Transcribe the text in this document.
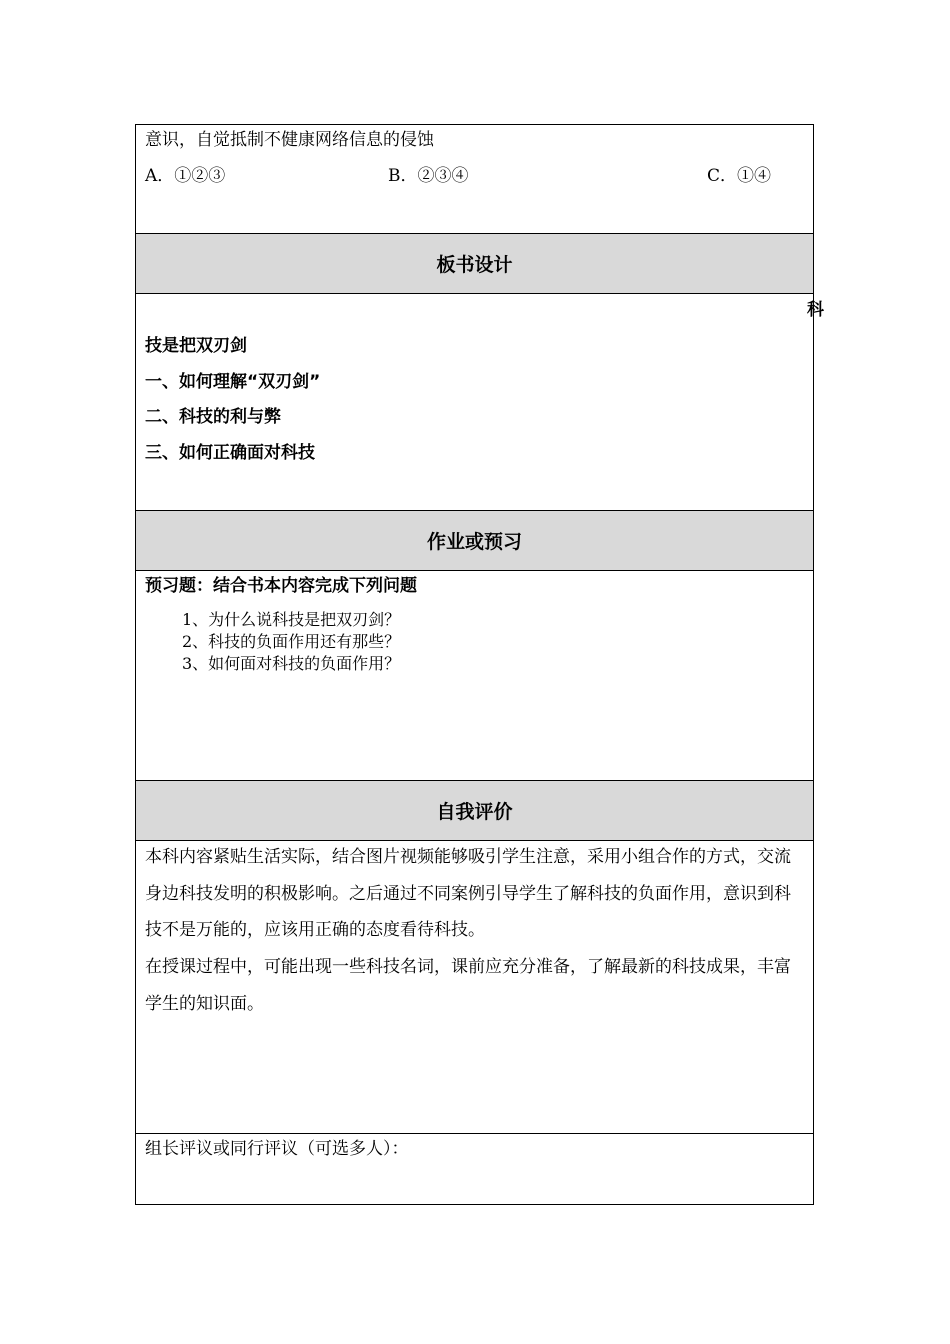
意识，自觉抵制不健康网络信息的侵蚀
A．①②③	B．②③④	C．①④
板书设计
科
技是把双刃剑
一、如何理解“双刃剑”
二、科技的利与弊
三、如何正确面对科技
作业或预习
预习题：结合书本内容完成下列问题
1、为什么说科技是把双刃剑？
2、科技的负面作用还有那些？
3、如何面对科技的负面作用？
自我评价
本科内容紧贴生活实际，结合图片视频能够吸引学生注意，采用小组合作的方式，交流身边科技发明的积极影响。之后通过不同案例引导学生了解科技的负面作用，意识到科技不是万能的，应该用正确的态度看待科技。
在授课过程中，可能出现一些科技名词，课前应充分准备，了解最新的科技成果，丰富学生的知识面。
组长评议或同行评议（可选多人）：
